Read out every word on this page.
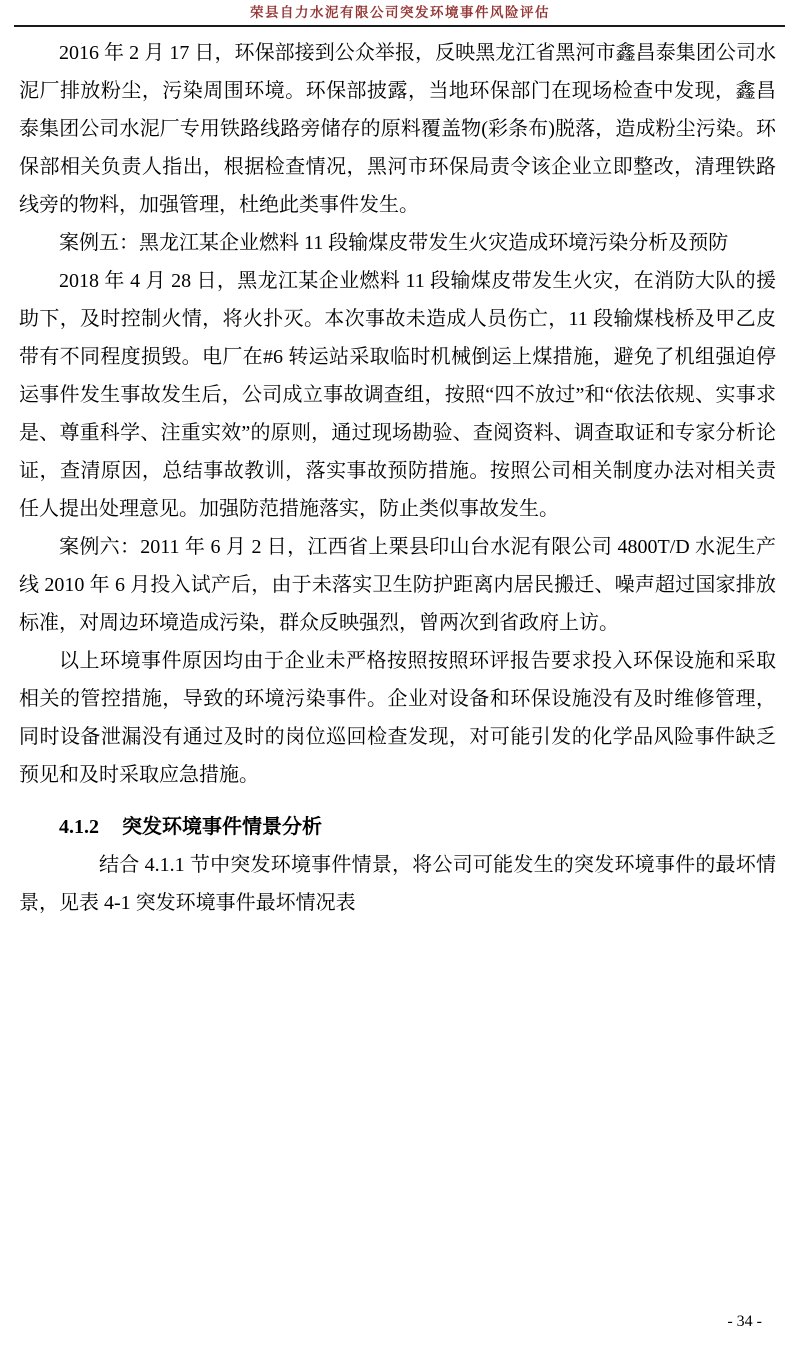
荣县自力水泥有限公司突发环境事件风险评估

2016 年 2 月 17 日，环保部接到公众举报，反映黑龙江省黑河市鑫昌泰集团公司水泥厂排放粉尘，污染周围环境。环保部披露，当地环保部门在现场检查中发现，鑫昌泰集团公司水泥厂专用铁路线路旁储存的原料覆盖物(彩条布)脱落，造成粉尘污染。环保部相关负责人指出，根据检查情况，黑河市环保局责令该企业立即整改，清理铁路线旁的物料，加强管理，杜绝此类事件发生。

案例五：黑龙江某企业燃料 11 段输煤皮带发生火灾造成环境污染分析及预防

2018 年 4 月 28 日，黑龙江某企业燃料 11 段输煤皮带发生火灾，在消防大队的援助下，及时控制火情，将火扑灭。本次事故未造成人员伤亡，11 段输煤栈桥及甲乙皮带有不同程度损毁。电厂在#6 转运站采取临时机械倒运上煤措施，避免了机组强迫停运事件发生事故发生后，公司成立事故调查组，按照“四不放过”和“依法依规、实事求是、尊重科学、注重实效”的原则，通过现场勘验、查阅资料、调查取证和专家分析论证，查清原因，总结事故教训，落实事故预防措施。按照公司相关制度办法对相关责任人提出处理意见。加强防范措施落实，防止类似事故发生。

案例六：2011 年 6 月 2 日，江西省上栗县印山台水泥有限公司 4800T/D 水泥生产线 2010 年 6 月投入试产后，由于未落实卫生防护距离内居民搬迁、噪声超过国家排放标准，对周边环境造成污染，群众反映强烈，曾两次到省政府上访。

以上环境事件原因均由于企业未严格按照按照环评报告要求投入环保设施和采取相关的管控措施，导致的环境污染事件。企业对设备和环保设施没有及时维修管理，同时设备泄漏没有通过及时的岗位巡回检查发现，对可能引发的化学品风险事件缺乏预见和及时采取应急措施。

4.1.2 突发环境事件情景分析

结合 4.1.1 节中突发环境事件情景，将公司可能发生的突发环境事件的最坏情景，见表 4-1 突发环境事件最坏情况表

- 34 -
